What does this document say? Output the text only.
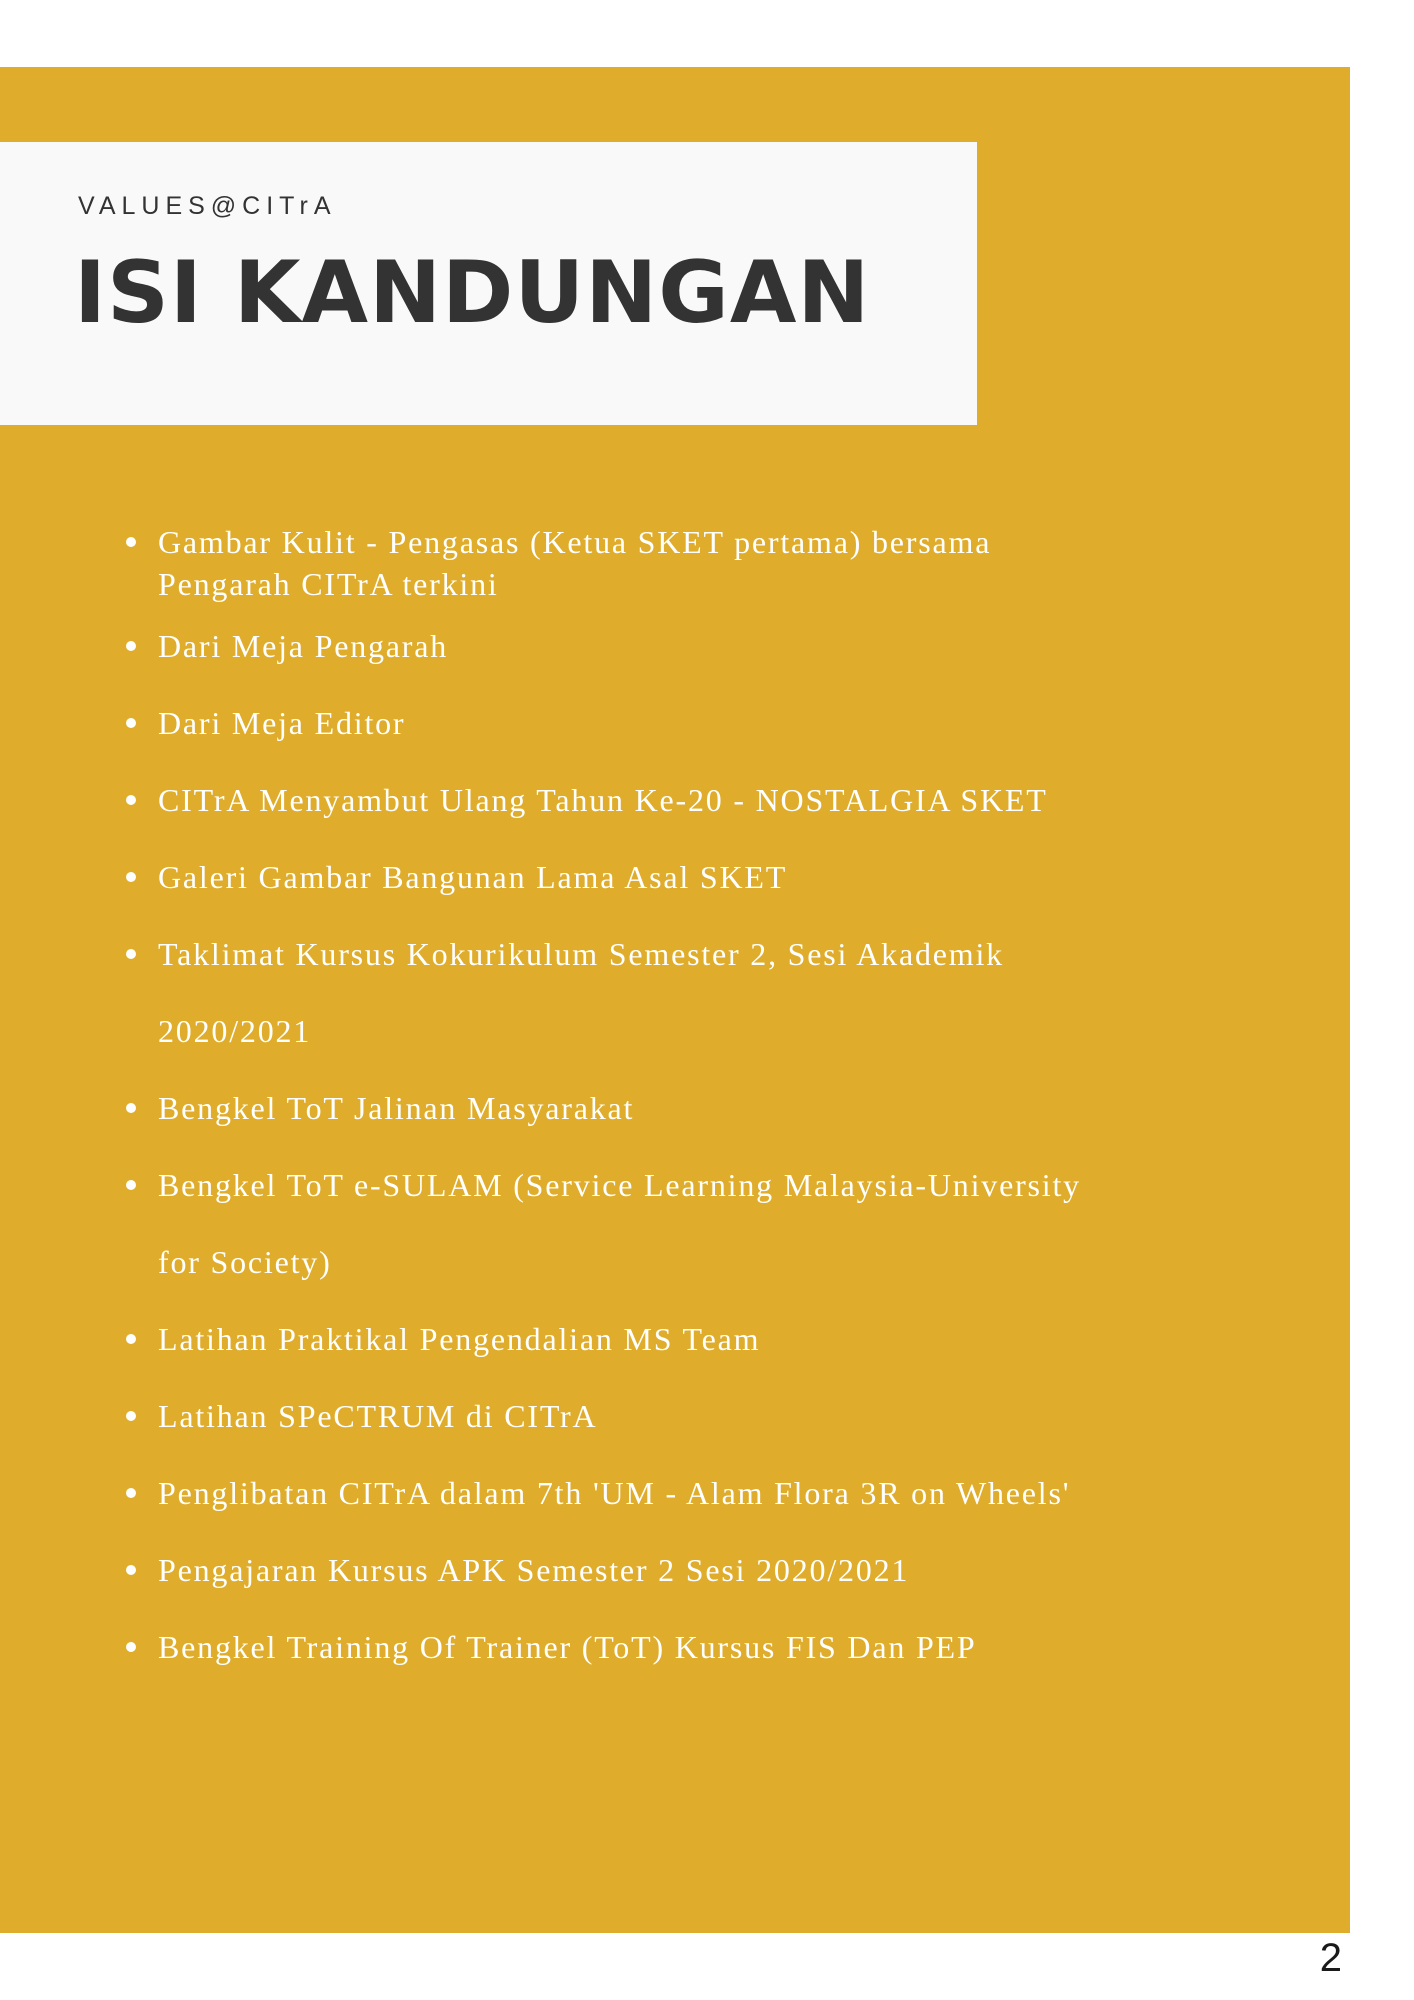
VALUES@CITrA

ISI KANDUNGAN
Gambar Kulit - Pengasas (Ketua SKET pertama) bersama
Pengarah CITrA terkini
Dari Meja Pengarah
Dari Meja Editor
CITrA Menyambut Ulang Tahun Ke-20 - NOSTALGIA SKET
Galeri Gambar Bangunan Lama Asal SKET
Taklimat Kursus Kokurikulum Semester 2, Sesi Akademik
2020/2021
Bengkel ToT Jalinan Masyarakat
Bengkel ToT e-SULAM (Service Learning Malaysia-University
for Society)
Latihan Praktikal Pengendalian MS Team
Latihan SPeCTRUM di CITrA
Penglibatan CITrA dalam 7th 'UM - Alam Flora 3R on Wheels'
Pengajaran Kursus APK Semester 2 Sesi 2020/2021
Bengkel Training Of Trainer (ToT) Kursus FIS Dan PEP
2
